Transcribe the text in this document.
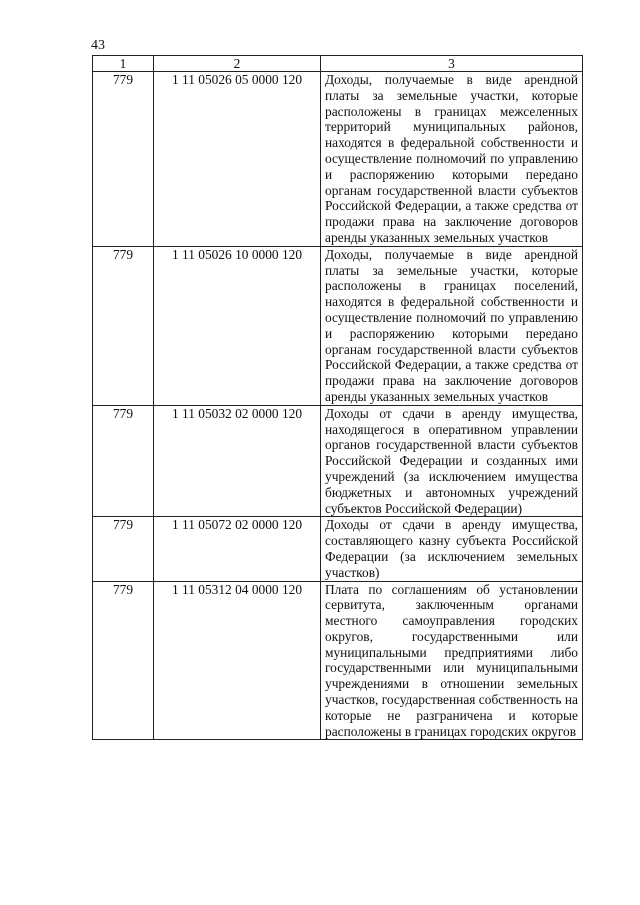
43
1	2	3
779	1 11 05026 05 0000 120	Доходы, получаемые в виде арендной платы за земельные участки, которые расположены в границах межселенных территорий муниципальных районов, находятся в федеральной собственности и осуществление полномочий по управлению и распоряжению которыми передано органам государственной власти субъектов Российской Федерации, а также средства от продажи права на заключение договоров аренды указанных земельных участков
779	1 11 05026 10 0000 120	Доходы, получаемые в виде арендной платы за земельные участки, которые расположены в границах поселений, находятся в федеральной собственности и осуществление полномочий по управлению и распоряжению которыми передано органам государственной власти субъектов Российской Федерации, а также средства от продажи права на заключение договоров аренды указанных земельных участков
779	1 11 05032 02 0000 120	Доходы от сдачи в аренду имущества, находящегося в оперативном управлении органов государственной власти субъектов Российской Федерации и созданных ими учреждений (за исключением имущества бюджетных и автономных учреждений субъектов Российской Федерации)
779	1 11 05072 02 0000 120	Доходы от сдачи в аренду имущества, составляющего казну субъекта Российской Федерации (за исключением земельных участков)
779	1 11 05312 04 0000 120	Плата по соглашениям об установлении сервитута, заключенным органами местного самоуправления городских округов, государственными или муниципальными предприятиями либо государственными или муниципальными учреждениями в отношении земельных участков, государственная собственность на которые не разграничена и которые расположены в границах городских округов
